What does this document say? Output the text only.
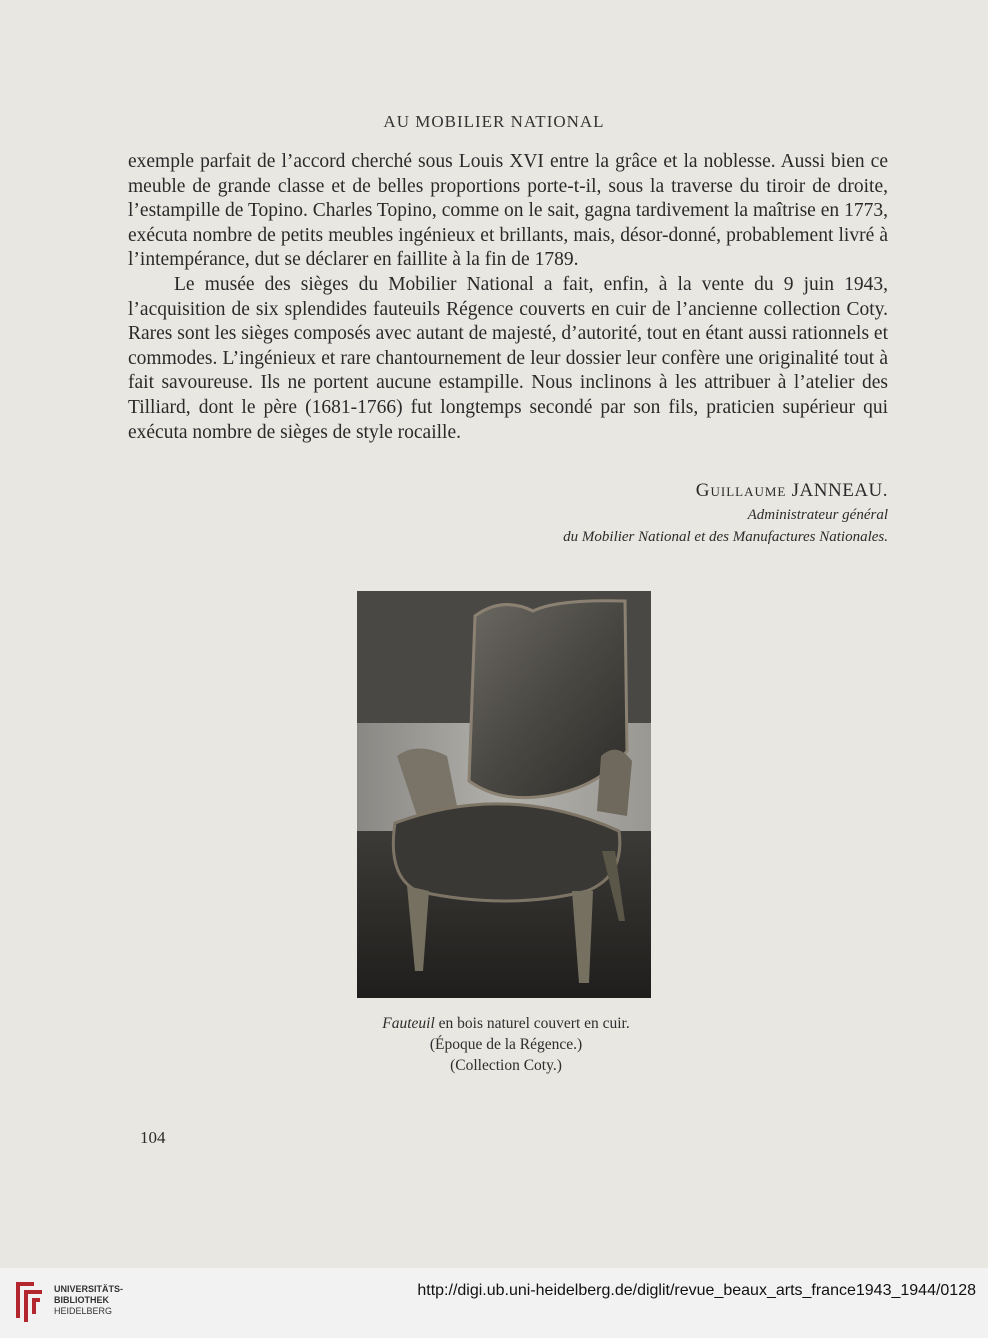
AU MOBILIER NATIONAL

exemple parfait de l’accord cherché sous Louis XVI entre la grâce et la noblesse. Aussi bien ce meuble de grande classe et de belles proportions porte-t-il, sous la traverse du tiroir de droite, l’estampille de Topino. Charles Topino, comme on le sait, gagna tardivement la maîtrise en 1773, exécuta nombre de petits meubles ingénieux et brillants, mais, désor-donné, probablement livré à l’intempérance, dut se déclarer en faillite à la fin de 1789.

Le musée des sièges du Mobilier National a fait, enfin, à la vente du 9 juin 1943, l’acquisition de six splendides fauteuils Régence couverts en cuir de l’ancienne collection Coty. Rares sont les sièges composés avec autant de majesté, d’autorité, tout en étant aussi rationnels et commodes. L’ingénieux et rare chantournement de leur dossier leur confère une originalité tout à fait savoureuse. Ils ne portent aucune estampille. Nous inclinons à les attribuer à l’atelier des Tilliard, dont le père (1681-1766) fut longtemps secondé par son fils, praticien supérieur qui exécuta nombre de sièges de style rocaille.

Guillaume JANNEAU.
Administrateur général
du Mobilier National et des Manufactures Nationales.
Fauteuil en bois naturel couvert en cuir.
(Époque de la Régence.)
(Collection Coty.)
104
UNIVERSITÄTS-
BIBLIOTHEK
HEIDELBERG
http://digi.ub.uni-heidelberg.de/diglit/revue_beaux_arts_france1943_1944/0128
